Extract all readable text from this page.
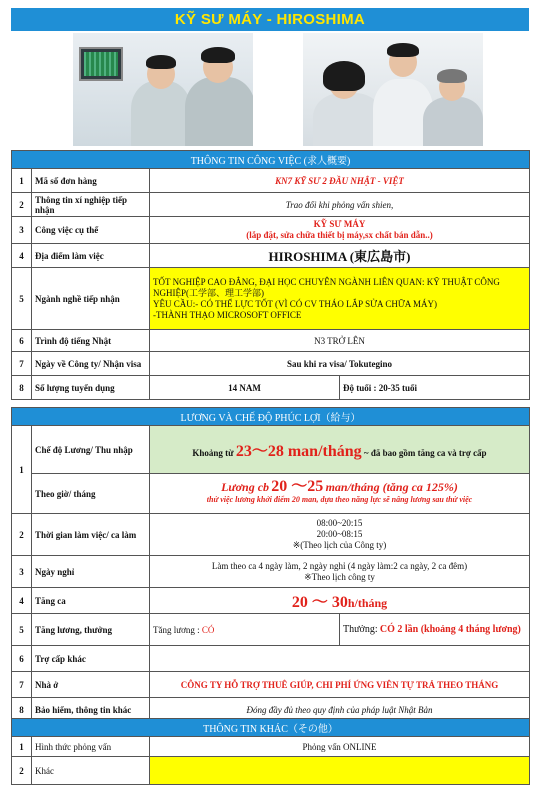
KỸ SƯ MÁY - HIROSHIMA
THÔNG TIN CÔNG VIỆC (求人概要)			
1	Mã số đơn hàng	KN7 KỸ SƯ 2 ĐẦU NHẬT - VIỆT	
2	Thông tin xí nghiệp tiếp nhận	Trao đổi khi phỏng vấn shien,	
3	Công việc cụ thể	KỸ SƯ MÁY
(lắp đặt, sửa chữa thiết bị máy,sx chất bán dẫn..)	

4	Địa điểm làm việc	HIROSHIMA (東広島市)	
5	Ngành nghề tiếp nhận	TỐT NGHIỆP CAO ĐẲNG, ĐẠI HỌC CHUYÊN NGÀNH LIÊN QUAN: KỸ THUẬT CÔNG NGHIỆP(工学部、理工学部)
YÊU CẦU:- CÓ THỂ LỰC TỐT (VÌ CÓ CV THÁO LẮP SỬA CHỮA MÁY)
-THÀNH THẠO MICROSOFT OFFICE	

6	Trình độ tiếng Nhật	N3 TRỞ LÊN	
7	Ngày về Công ty/ Nhận visa	Sau khi ra visa/ Tokutegino	
8	Số lượng tuyển dụng	14 NAM	Độ tuổi : 20-35 tuổi
LƯƠNG VÀ CHẾ ĐỘ PHÚC LỢI（給与）			
1	Chế độ Lương/ Thu nhập	Khoảng từ 23～28 man/tháng ~ đã bao gồm tăng ca và trợ cấp	
	Theo giờ/ tháng	Lương cb 20 ～25 man/tháng (tăng ca 125%)
thử việc lương khởi điểm 20 man, dựa theo năng lực sẽ nâng lương sau thử việc	

2	Thời gian làm việc/ ca làm	08:00~20:15
20:00~08:15
※(Theo lịch của Công ty)	

3	Ngày nghỉ	Làm theo ca 4 ngày làm, 2 ngày nghỉ (4 ngày làm:2 ca ngày, 2 ca đêm)
※Theo lịch công ty	

4	Tăng ca	20 ～ 30h/tháng	
5	Tăng lương, thưởng	Tăng lương : CÓ	Thưởng: CÓ 2 lần (khoảng 4 tháng lương)
6	Trợ cấp khác		
7	Nhà ở	CÔNG TY HỖ TRỢ THUÊ GIÚP, CHI PHÍ ỨNG VIÊN TỰ TRẢ THEO THÁNG	
8	Bảo hiểm, thông tin khác	Đóng đầy đủ theo quy định của pháp luật Nhật Bản	
THÔNG TIN KHÁC（その他）		
1	Hình thức phỏng vấn	Phỏng vấn ONLINE
2	Khác	
